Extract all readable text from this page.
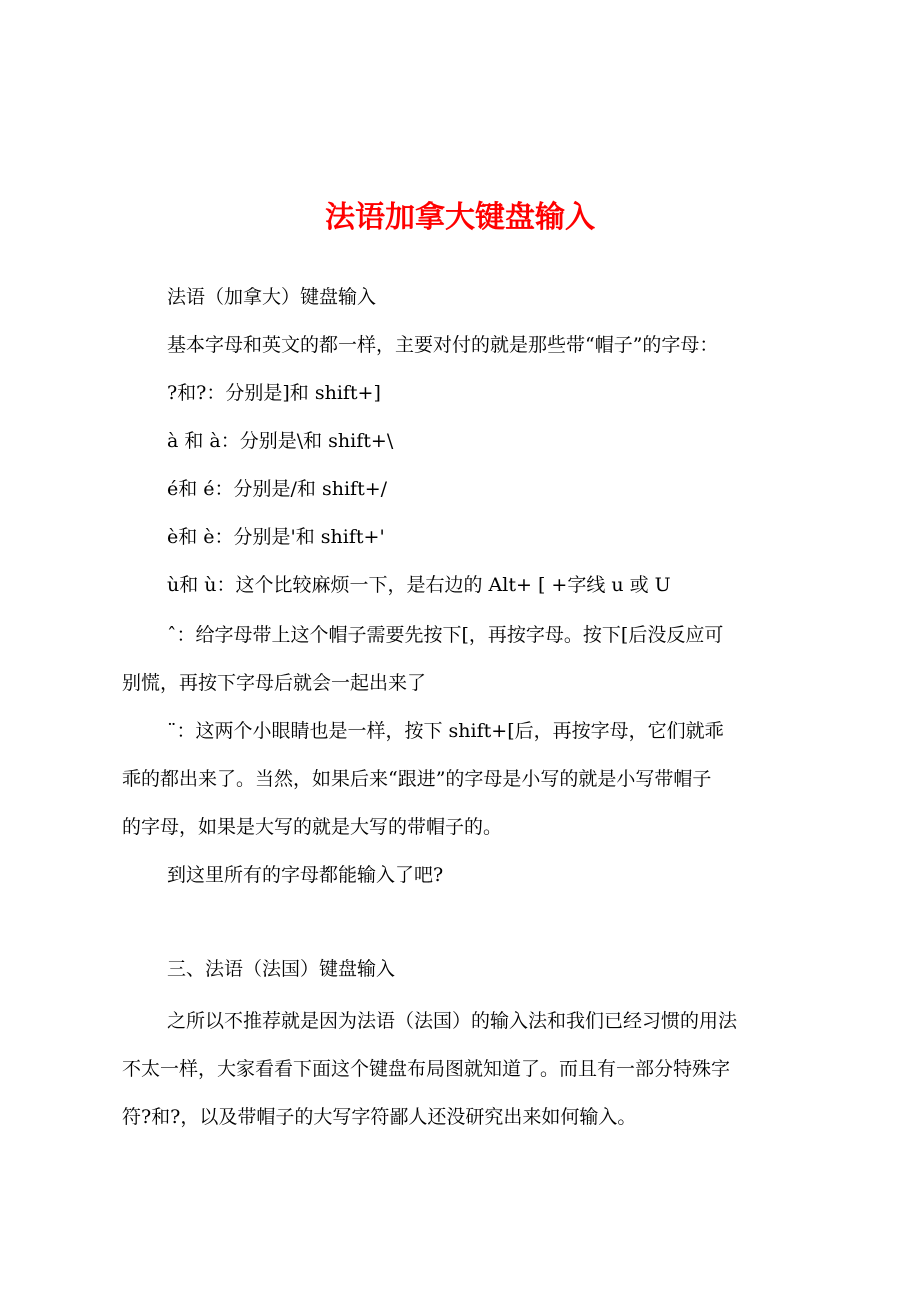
法语加拿大键盘输入

法语（加拿大）键盘输入

基本字母和英文的都一样，主要对付的就是那些带“帽子”的字母：

?和?：分别是]和 shift+]

à 和 à：分别是\和 shift+\

é和 é：分别是/和 shift+/

è和 è：分别是'和 shift+'

ù和 ù：这个比较麻烦一下，是右边的 Alt+ [ +字线 u 或 U

ˆ：给字母带上这个帽子需要先按下[，再按字母。按下[后没反应可

别慌，再按下字母后就会一起出来了

¨：这两个小眼睛也是一样，按下 shift+[后，再按字母，它们就乖

乖的都出来了。当然，如果后来“跟进”的字母是小写的就是小写带帽子

的字母，如果是大写的就是大写的带帽子的。

到这里所有的字母都能输入了吧?

三、法语（法国）键盘输入

之所以不推荐就是因为法语（法国）的输入法和我们已经习惯的用法

不太一样，大家看看下面这个键盘布局图就知道了。而且有一部分特殊字

符?和?，以及带帽子的大写字符鄙人还没研究出来如何输入。
